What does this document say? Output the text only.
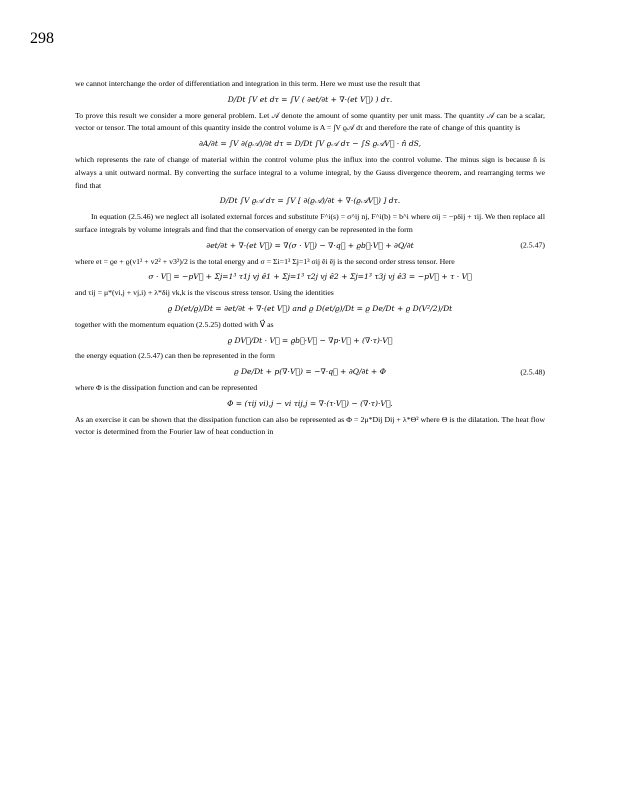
298

we cannot interchange the order of differentiation and integration in this term. Here we must use the result that

D/Dt ∫V et dτ = ∫V ( ∂et/∂t + ∇·(et V⃗) ) dτ.

To prove this result we consider a more general problem. Let 𝒜 denote the amount of some quantity per unit mass. The quantity 𝒜 can be a scalar, vector or tensor. The total amount of this quantity inside the control volume is A = ∫V ϱ𝒜 dτ and therefore the rate of change of this quantity is

∂A/∂t = ∫V ∂(ϱ𝒜)/∂t dτ = D/Dt ∫V ϱ𝒜 dτ − ∫S ϱ𝒜V⃗ · n̂ dS,

which represents the rate of change of material within the control volume plus the influx into the control volume. The minus sign is because n̂ is always a unit outward normal. By converting the surface integral to a volume integral, by the Gauss divergence theorem, and rearranging terms we find that

D/Dt ∫V ϱ𝒜 dτ = ∫V [ ∂(ϱ𝒜)/∂t + ∇·(ϱ𝒜V⃗) ] dτ.

In equation (2.5.46) we neglect all isolated external forces and substitute F^i(s) = σ^ij nj, F^i(b) = b^i where σij = −pδij + τij. We then replace all surface integrals by volume integrals and find that the conservation of energy can be represented in the form

∂et/∂t + ∇·(et V⃗) = ∇(σ · V⃗) − ∇·q⃗ + ϱb⃗·V⃗ + ∂Q/∂t	(2.5.47)

where et = ϱe + ϱ(v1² + v2² + v3²)/2 is the total energy and σ = Σi=1³ Σj=1³ σij êi êj is the second order stress tensor. Here

σ · V⃗ = −pV⃗ + Σj=1³ τ1j vj ê1 + Σj=1³ τ2j vj ê2 + Σj=1³ τ3j vj ê3 = −pV⃗ + τ · V⃗

and τij = μ*(vi,j + vj,i) + λ*δij vk,k is the viscous stress tensor. Using the identities

ϱ D(et/ϱ)/Dt = ∂et/∂t + ∇·(et V⃗) and ϱ D(et/ϱ)/Dt = ϱ De/Dt + ϱ D(V²/2)/Dt

together with the momentum equation (2.5.25) dotted with V⃗ as

ϱ DV⃗/Dt · V⃗ = ϱb⃗·V⃗ − ∇p·V⃗ + (∇·τ)·V⃗

the energy equation (2.5.47) can then be represented in the form

ϱ De/Dt + p(∇·V⃗) = −∇·q⃗ + ∂Q/∂t + Φ	(2.5.48)

where Φ is the dissipation function and can be represented

Φ = (τij vi),j − vi τij,j = ∇·(τ·V⃗) − (∇·τ)·V⃗.

As an exercise it can be shown that the dissipation function can also be represented as Φ = 2μ*Dij Dij + λ*Θ² where Θ is the dilatation. The heat flow vector is determined from the Fourier law of heat conduction in
